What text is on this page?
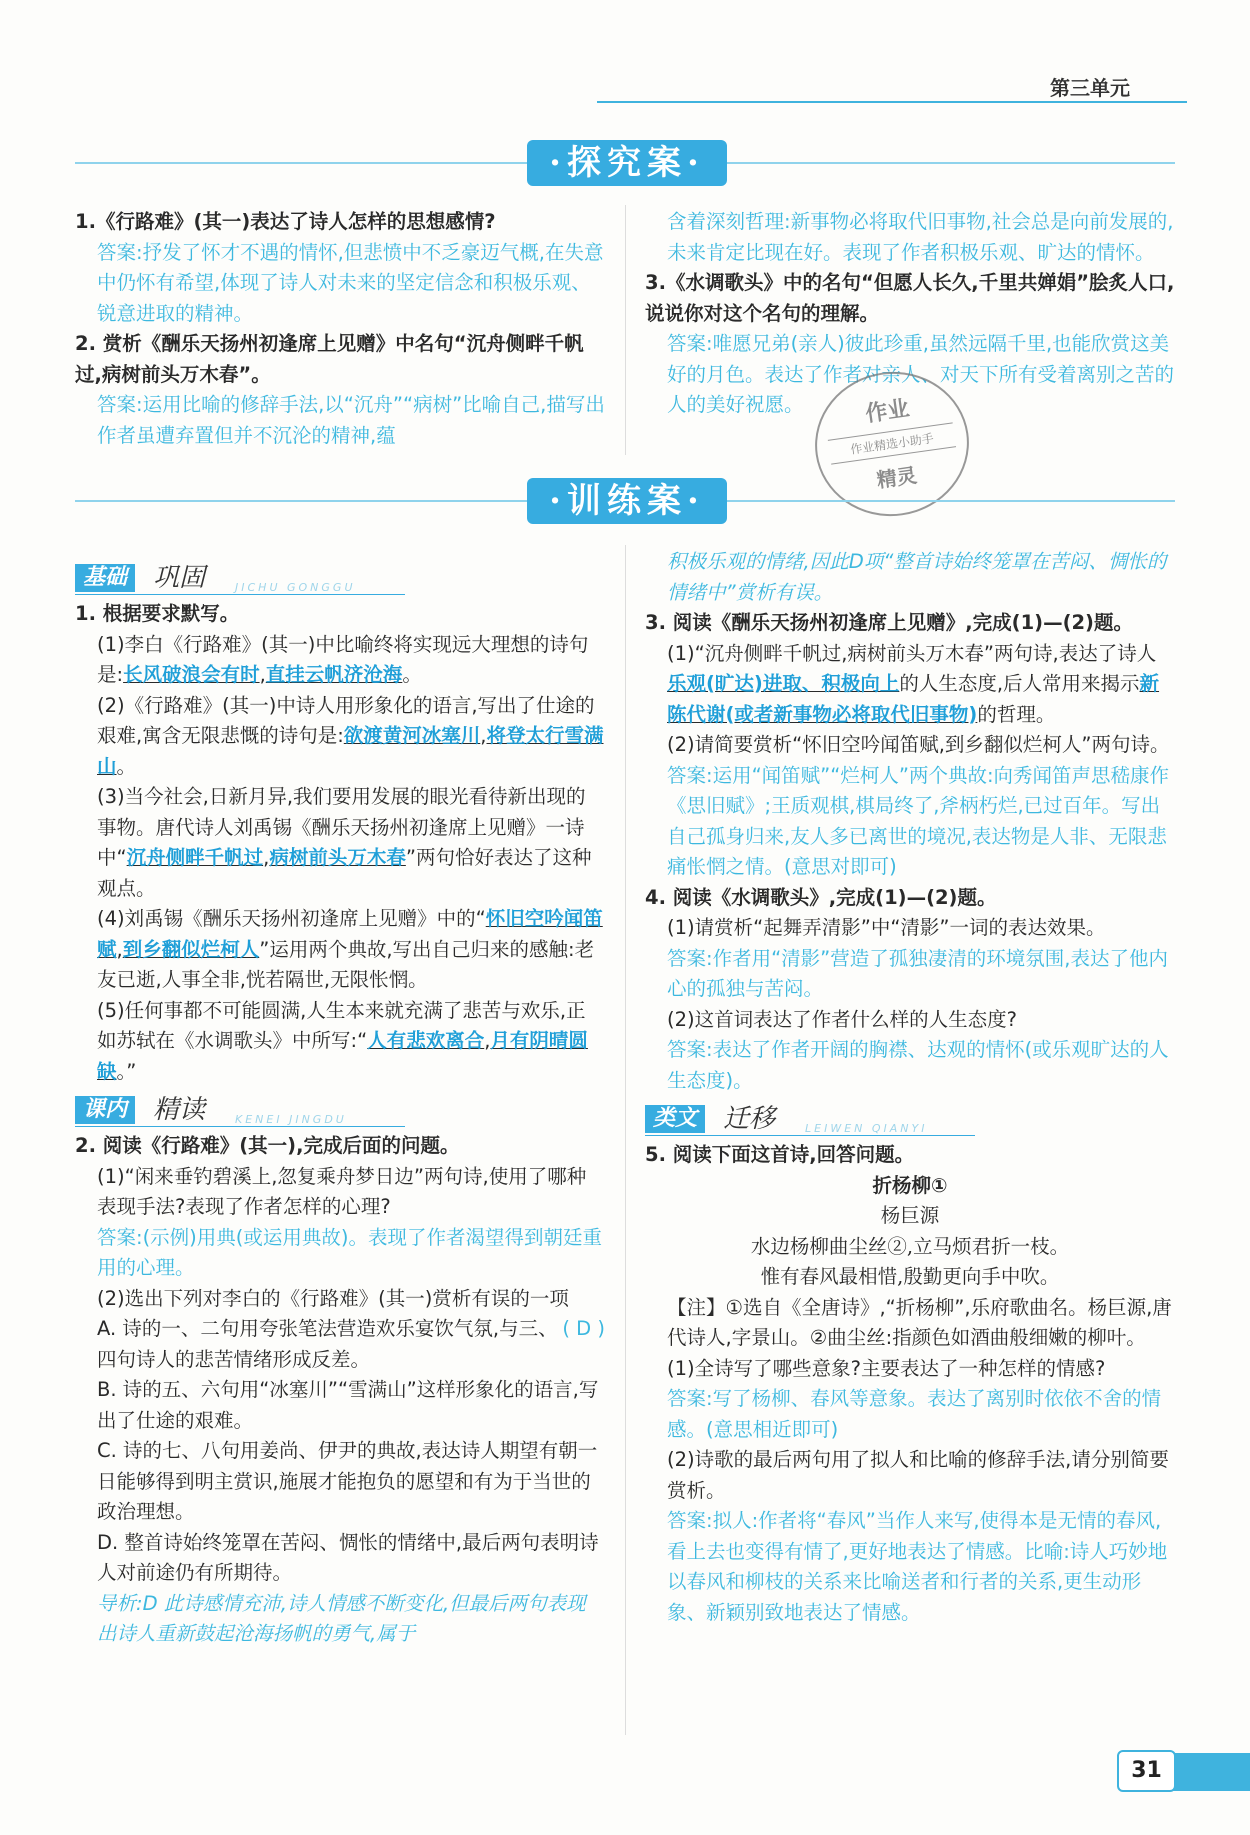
第三单元
·探究案·

1.《行路难》(其一)表达了诗人怎样的思想感情?

答案:抒发了怀才不遇的情怀,但悲愤中不乏豪迈气概,在失意中仍怀有希望,体现了诗人对未来的坚定信念和积极乐观、锐意进取的精神。

2. 赏析《酬乐天扬州初逢席上见赠》中名句“沉舟侧畔千帆过,病树前头万木春”。

答案:运用比喻的修辞手法,以“沉舟”“病树”比喻自己,描写出作者虽遭弃置但并不沉沦的精神,蕴

含着深刻哲理:新事物必将取代旧事物,社会总是向前发展的,未来肯定比现在好。表现了作者积极乐观、旷达的情怀。

3.《水调歌头》中的名句“但愿人长久,千里共婵娟”脍炙人口,说说你对这个名句的理解。

答案:唯愿兄弟(亲人)彼此珍重,虽然远隔千里,也能欣赏这美好的月色。表达了作者对亲人、对天下所有受着离别之苦的人的美好祝愿。	作业
作业精选小助手
精灵
·训练案·
基础 巩固	JICHU GONGGU

1. 根据要求默写。

(1)李白《行路难》(其一)中比喻终将实现远大理想的诗句是:长风破浪会有时,直挂云帆济沧海。

(2)《行路难》(其一)中诗人用形象化的语言,写出了仕途的艰难,寓含无限悲慨的诗句是:欲渡黄河冰塞川,将登太行雪满山。

(3)当今社会,日新月异,我们要用发展的眼光看待新出现的事物。唐代诗人刘禹锡《酬乐天扬州初逢席上见赠》一诗中“沉舟侧畔千帆过,病树前头万木春”两句恰好表达了这种观点。

(4)刘禹锡《酬乐天扬州初逢席上见赠》中的“怀旧空吟闻笛赋,到乡翻似烂柯人”运用两个典故,写出自己归来的感触:老友已逝,人事全非,恍若隔世,无限怅惘。

(5)任何事都不可能圆满,人生本来就充满了悲苦与欢乐,正如苏轼在《水调歌头》中所写:“人有悲欢离合,月有阴晴圆缺。”

课内 精读	KENEI JINGDU

2. 阅读《行路难》(其一),完成后面的问题。

(1)“闲来垂钓碧溪上,忽复乘舟梦日边”两句诗,使用了哪种表现手法?表现了作者怎样的心理?

答案:(示例)用典(或运用典故)。表现了作者渴望得到朝廷重用的心理。

(2)选出下列对李白的《行路难》(其一)赏析有误的一项
( D )

A. 诗的一、二句用夸张笔法营造欢乐宴饮气氛,与三、四句诗人的悲苦情绪形成反差。

B. 诗的五、六句用“冰塞川”“雪满山”这样形象化的语言,写出了仕途的艰难。

C. 诗的七、八句用姜尚、伊尹的典故,表达诗人期望有朝一日能够得到明主赏识,施展才能抱负的愿望和有为于当世的政治理想。

D. 整首诗始终笼罩在苦闷、惆怅的情绪中,最后两句表明诗人对前途仍有所期待。

导析:D 此诗感情充沛,诗人情感不断变化,但最后两句表现出诗人重新鼓起沧海扬帆的勇气,属于

积极乐观的情绪,因此D项“整首诗始终笼罩在苦闷、惆怅的情绪中”赏析有误。

3. 阅读《酬乐天扬州初逢席上见赠》,完成(1)—(2)题。

(1)“沉舟侧畔千帆过,病树前头万木春”两句诗,表达了诗人乐观(旷达)进取、积极向上的人生态度,后人常用来揭示新陈代谢(或者新事物必将取代旧事物)的哲理。

(2)请简要赏析“怀旧空吟闻笛赋,到乡翻似烂柯人”两句诗。

答案:运用“闻笛赋”“烂柯人”两个典故:向秀闻笛声思嵇康作《思旧赋》;王质观棋,棋局终了,斧柄朽烂,已过百年。写出自己孤身归来,友人多已离世的境况,表达物是人非、无限悲痛怅惘之情。(意思对即可)

4. 阅读《水调歌头》,完成(1)—(2)题。

(1)请赏析“起舞弄清影”中“清影”一词的表达效果。

答案:作者用“清影”营造了孤独凄清的环境氛围,表达了他内心的孤独与苦闷。

(2)这首词表达了作者什么样的人生态度?

答案:表达了作者开阔的胸襟、达观的情怀(或乐观旷达的人生态度)。

类文 迁移	LEIWEN QIANYI

5. 阅读下面这首诗,回答问题。

折杨柳①

杨巨源

水边杨柳曲尘丝②,立马烦君折一枝。

惟有春风最相惜,殷勤更向手中吹。

【注】①选自《全唐诗》,“折杨柳”,乐府歌曲名。杨巨源,唐代诗人,字景山。②曲尘丝:指颜色如酒曲般细嫩的柳叶。

(1)全诗写了哪些意象?主要表达了一种怎样的情感?

答案:写了杨柳、春风等意象。表达了离别时依依不舍的情感。(意思相近即可)

(2)诗歌的最后两句用了拟人和比喻的修辞手法,请分别简要赏析。

答案:拟人:作者将“春风”当作人来写,使得本是无情的春风,看上去也变得有情了,更好地表达了情感。比喻:诗人巧妙地以春风和柳枝的关系来比喻送者和行者的关系,更生动形象、新颖别致地表达了情感。

31
